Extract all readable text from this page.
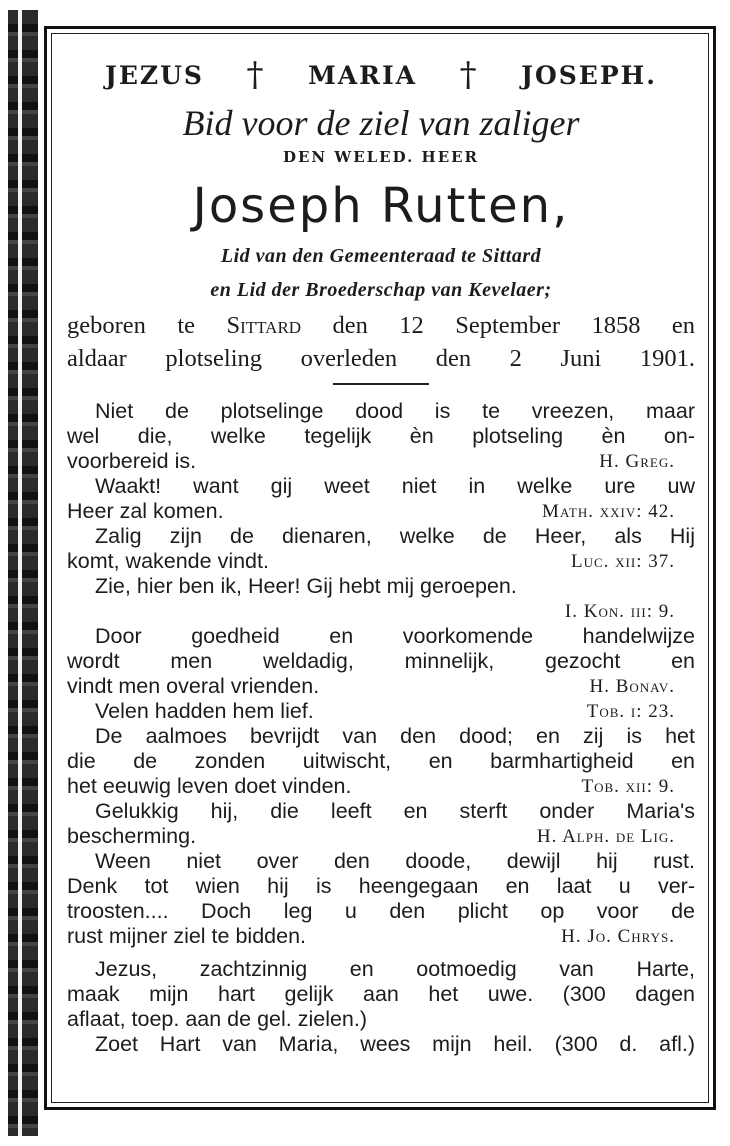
JEZUS † MARIA † JOSEPH.
Bid voor de ziel van zaliger
DEN WELED. HEER
Joseph Rutten,
Lid van den Gemeenteraad te Sittard
en Lid der Broederschap van Kevelaer;
geboren te Sittard den 12 September 1858 en
aldaar plotseling overleden den 2 Juni 1901.
Niet de plotselinge dood is te vreezen, maar
wel die, welke tegelijk èn plotseling èn on-
voorbereid is.	H. Greg.
Waakt! want gij weet niet in welke ure uw
Heer zal komen.	Math. xxiv: 42.
Zalig zijn de dienaren, welke de Heer, als Hij
komt, wakende vindt.	Luc. xii: 37.
Zie, hier ben ik, Heer! Gij hebt mij geroepen.
I. Kon. iii: 9.
Door goedheid en voorkomende handelwijze
wordt men weldadig, minnelijk, gezocht en
vindt men overal vrienden.	H. Bonav.
Velen hadden hem lief.	Tob. i: 23.
De aalmoes bevrijdt van den dood; en zij is het
die de zonden uitwischt, en barmhartigheid en
het eeuwig leven doet vinden.	Tob. xii: 9.
Gelukkig hij, die leeft en sterft onder Maria's
bescherming.	H. Alph. de Lig.
Ween niet over den doode, dewijl hij rust.
Denk tot wien hij is heengegaan en laat u ver-
troosten.... Doch leg u den plicht op voor de
rust mijner ziel te bidden.	H. Jo. Chrys.
Jezus, zachtzinnig en ootmoedig van Harte,
maak mijn hart gelijk aan het uwe. (300 dagen
aflaat, toep. aan de gel. zielen.)
Zoet Hart van Maria, wees mijn heil. (300 d. afl.)
